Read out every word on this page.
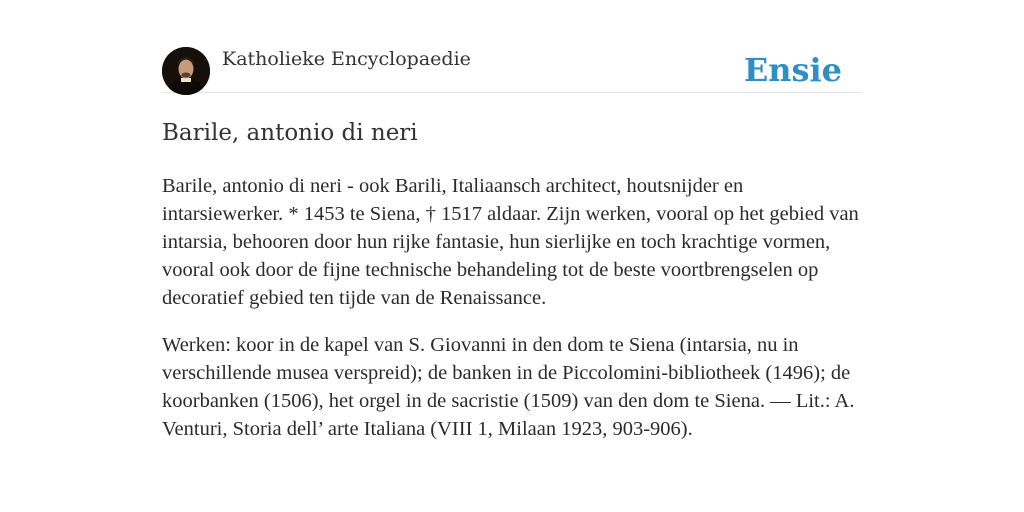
Katholieke Encyclopaedie	Ensie
Barile, antonio di neri

Barile, antonio di neri - ook Barili, Italiaansch architect, houtsnijder en intarsiewerker. * 1453 te Siena, † 1517 aldaar. Zijn werken, vooral op het gebied van intarsia, behooren door hun rijke fantasie, hun sierlijke en toch krachtige vormen, vooral ook door de fijne technische behandeling tot de beste voortbrengselen op decoratief gebied ten tijde van de Renaissance.

Werken: koor in de kapel van S. Giovanni in den dom te Siena (intarsia, nu in verschillende musea verspreid); de banken in de Piccolomini-bibliotheek (1496); de koorbanken (1506), het orgel in de sacristie (1509) van den dom te Siena. — Lit.: A. Venturi, Storia dell’ arte Italiana (VIII 1, Milaan 1923, 903-906).
